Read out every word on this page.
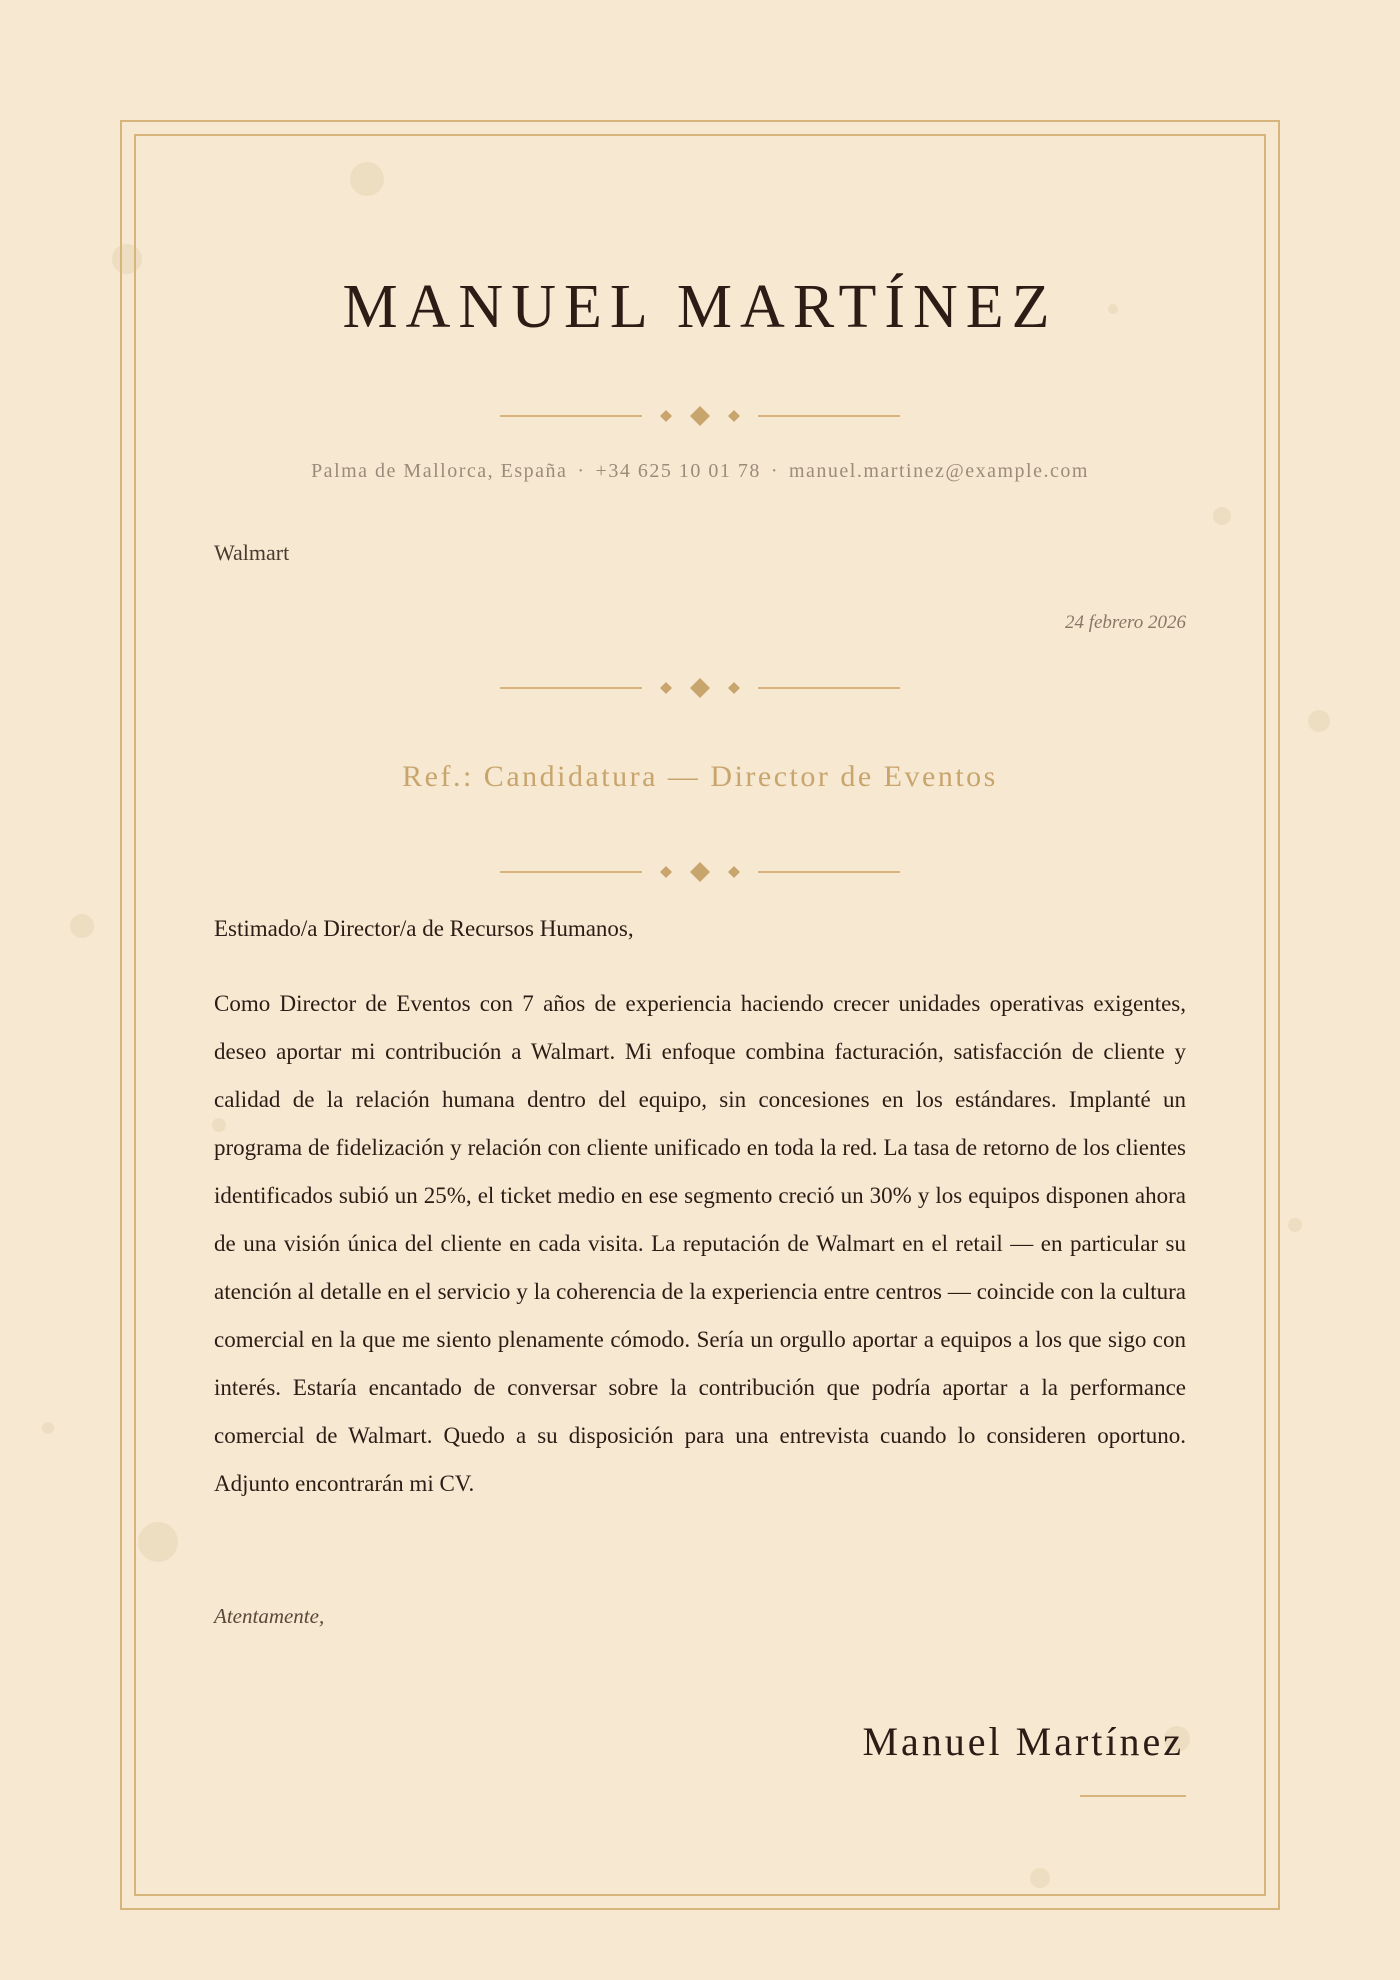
MANUEL MARTÍNEZ
Palma de Mallorca, España · +34 625 10 01 78 · manuel.martinez@example.com
Walmart
24 febrero 2026
Ref.: Candidatura — Director de Eventos
Estimado/a Director/a de Recursos Humanos,

Como Director de Eventos con 7 años de experiencia haciendo crecer unidades operativas exigentes, deseo aportar mi contribución a Walmart. Mi enfoque combina facturación, satisfacción de cliente y calidad de la relación humana dentro del equipo, sin concesiones en los estándares. Implanté un programa de fidelización y relación con cliente unificado en toda la red. La tasa de retorno de los clientes identificados subió un 25%, el ticket medio en ese segmento creció un 30% y los equipos disponen ahora de una visión única del cliente en cada visita. La reputación de Walmart en el retail — en particular su atención al detalle en el servicio y la coherencia de la experiencia entre centros — coincide con la cultura comercial en la que me siento plenamente cómodo. Sería un orgullo aportar a equipos a los que sigo con interés. Estaría encantado de conversar sobre la contribución que podría aportar a la performance comercial de Walmart. Quedo a su disposición para una entrevista cuando lo consideren oportuno. Adjunto encontrarán mi CV.

Atentamente,
Manuel Martínez
